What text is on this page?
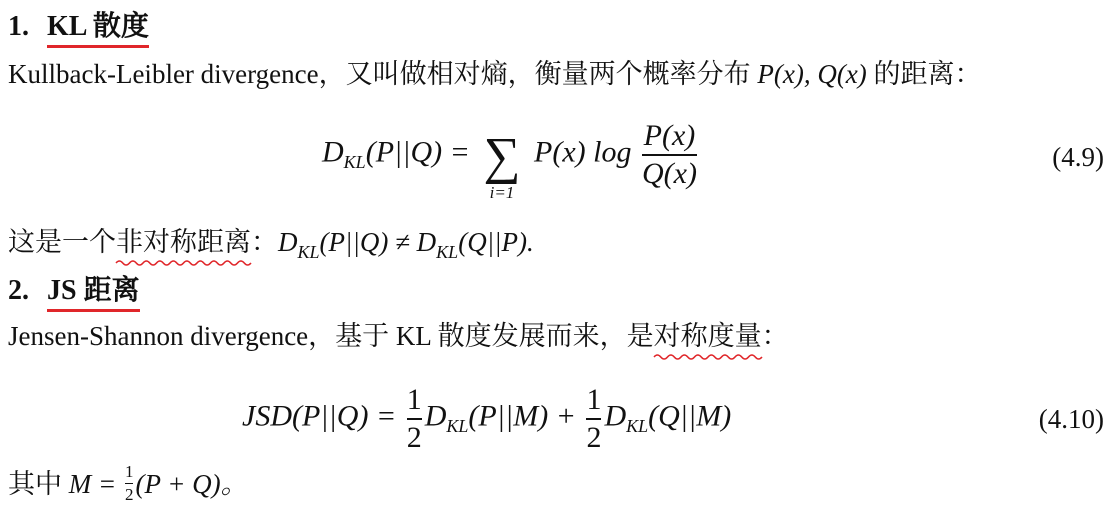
1. KL 散度
Kullback-Leibler divergence，又叫做相对熵，衡量两个概率分布 P(x), Q(x) 的距离：
$D_{KL}(P||Q)$ = ∑
i=1
P(x) $\log \frac{P(x)}{Q(x)}$	(4.9)
这是一个非对称距离
：$D_{KL}(P||Q) \ne D_{KL}(Q||P)$.
2. JS 距离
Jensen-Shannon divergence，基于 KL 散度发展而来，是对称度量
：
$JSD(P||Q) = \frac{1}{2} D_{KL}(P||M) + \frac{1}{2} D_{KL}(Q||M)$	(4.10)
其中 $M = \frac{1}{2} (P + Q)$。
